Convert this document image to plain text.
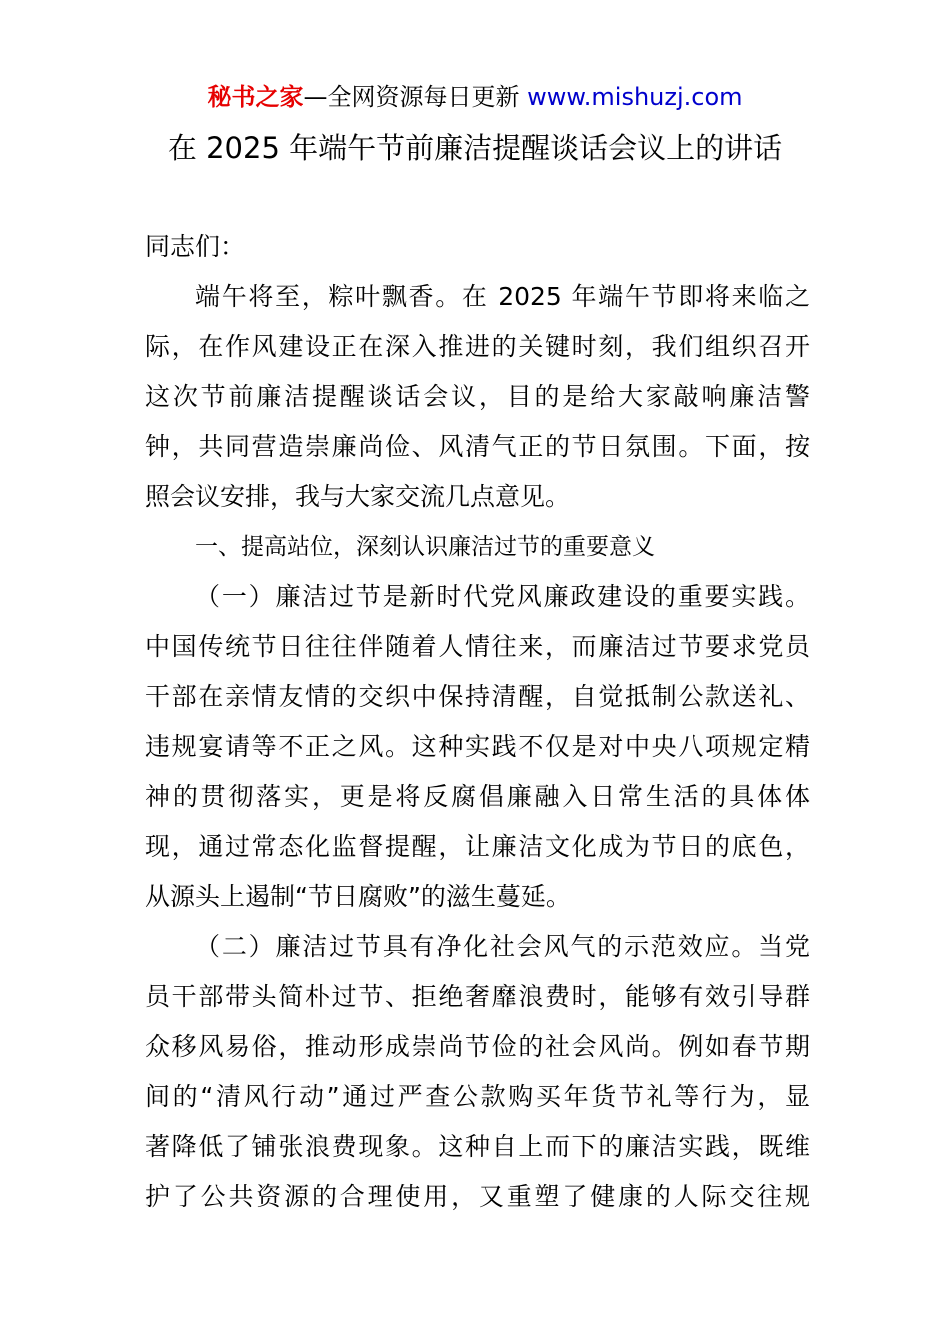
秘书之家—全网资源每日更新 www.mishuzj.com
在 2025 年端午节前廉洁提醒谈话会议上的讲话
同志们：
端午将至，粽叶飘香。在 2025 年端午节即将来临之
际，在作风建设正在深入推进的关键时刻，我们组织召开
这次节前廉洁提醒谈话会议，目的是给大家敲响廉洁警
钟，共同营造崇廉尚俭、风清气正的节日氛围。下面，按
照会议安排，我与大家交流几点意见。
一、提高站位，深刻认识廉洁过节的重要意义
（一）廉洁过节是新时代党风廉政建设的重要实践。
中国传统节日往往伴随着人情往来，而廉洁过节要求党员
干部在亲情友情的交织中保持清醒，自觉抵制公款送礼、
违规宴请等不正之风。这种实践不仅是对中央八项规定精
神的贯彻落实，更是将反腐倡廉融入日常生活的具体体
现，通过常态化监督提醒，让廉洁文化成为节日的底色，
从源头上遏制“节日腐败”的滋生蔓延。
（二）廉洁过节具有净化社会风气的示范效应。当党
员干部带头简朴过节、拒绝奢靡浪费时，能够有效引导群
众移风易俗，推动形成崇尚节俭的社会风尚。例如春节期
间的“清风行动”通过严查公款购买年货节礼等行为，显
著降低了铺张浪费现象。这种自上而下的廉洁实践，既维
护了公共资源的合理使用，又重塑了健康的人际交往规
